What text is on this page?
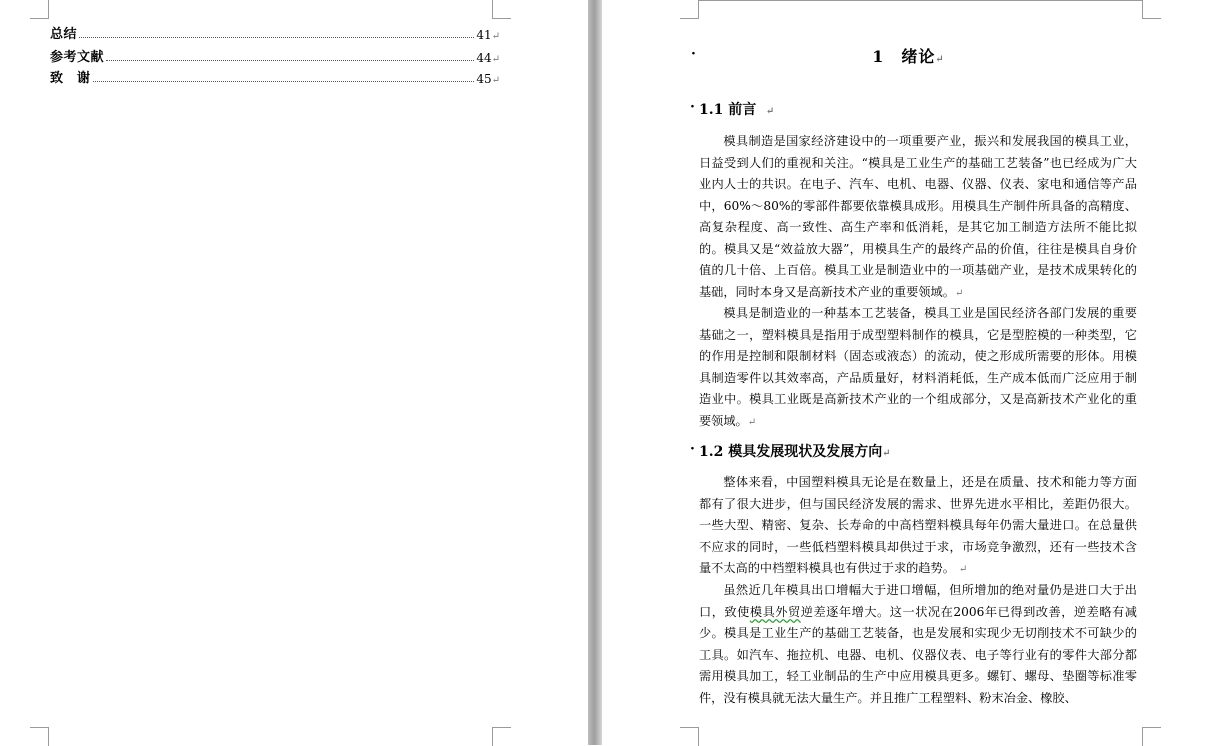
总结	41 ↵
参考文献	44 ↵
致　谢	45 ↵
·	1　绪论↵
· 1.1 前言 ↵

模具制造是国家经济建设中的一项重要产业，振兴和发展我国的模具工业，日益受到人们的重视和关注。“模具是工业生产的基础工艺装备”也已经成为广大业内人士的共识。在电子、汽车、电机、电器、仪器、仪表、家电和通信等产品中，60%～80%的零部件都要依靠模具成形。用模具生产制件所具备的高精度、高复杂程度、高一致性、高生产率和低消耗，是其它加工制造方法所不能比拟的。模具又是“效益放大器”，用模具生产的最终产品的价值，往往是模具自身价值的几十倍、上百倍。模具工业是制造业中的一项基础产业，是技术成果转化的基础，同时本身又是高新技术产业的重要领域。↵

模具是制造业的一种基本工艺装备，模具工业是国民经济各部门发展的重要基础之一，塑料模具是指用于成型塑料制作的模具，它是型腔模的一种类型，它的作用是控制和限制材料（固态或液态）的流动，使之形成所需要的形体。用模具制造零件以其效率高，产品质量好，材料消耗低，生产成本低而广泛应用于制造业中。模具工业既是高新技术产业的一个组成部分，又是高新技术产业化的重要领域。↵

· 1.2 模具发展现状及发展方向↵

整体来看，中国塑料模具无论是在数量上，还是在质量、技术和能力等方面都有了很大进步，但与国民经济发展的需求、世界先进水平相比，差距仍很大。一些大型、精密、复杂、长寿命的中高档塑料模具每年仍需大量进口。在总量供不应求的同时，一些低档塑料模具却供过于求，市场竞争激烈，还有一些技术含量不太高的中档塑料模具也有供过于求的趋势。 ↵

虽然近几年模具出口增幅大于进口增幅，但所增加的绝对量仍是进口大于出口，致使模具外贸逆差逐年增大。这一状况在2006年已得到改善，逆差略有减少。模具是工业生产的基础工艺装备，也是发展和实现少无切削技术不可缺少的工具。如汽车、拖拉机、电器、电机、仪器仪表、电子等行业有的零件大部分都需用模具加工，轻工业制品的生产中应用模具更多。螺钉、螺母、垫圈等标准零件，没有模具就无法大量生产。并且推广工程塑料、粉末冶金、橡胶、
